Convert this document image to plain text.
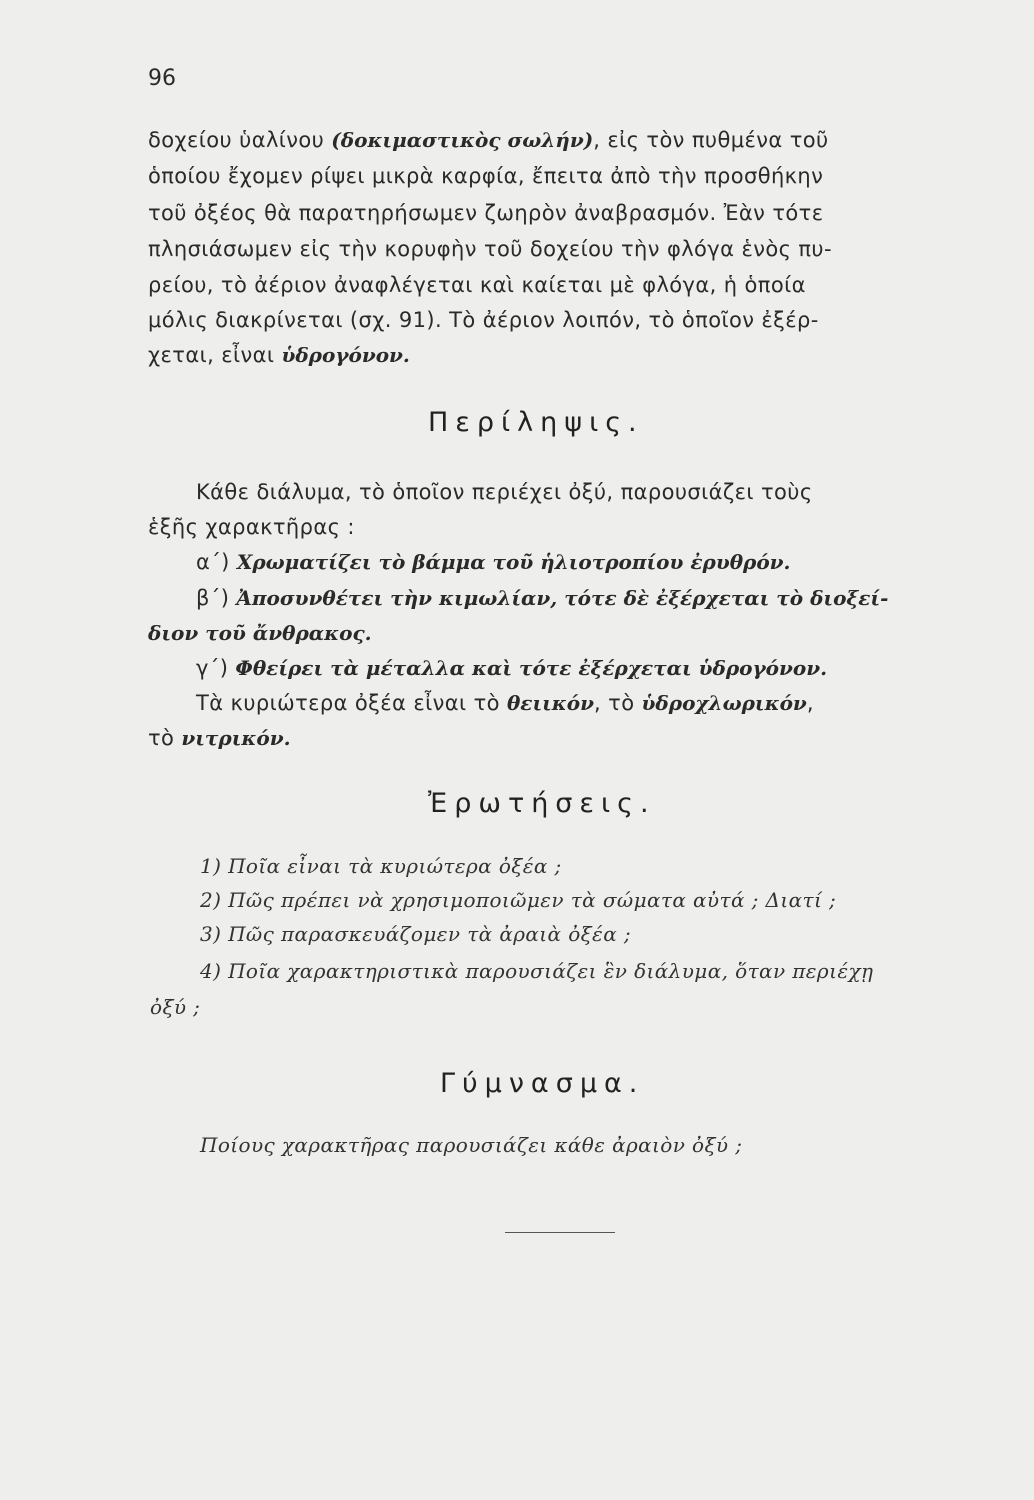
96
δοχείου ὑαλίνου (δοκιμαστικὸς σωλήν), εἰς τὸν πυθμένα τοῦ
ὁποίου ἔχομεν ρίψει μικρὰ καρφία, ἔπειτα ἀπὸ τὴν προσθήκην
τοῦ ὀξέος θὰ παρατηρήσωμεν ζωηρὸν ἀναβρασμόν. Ἐὰν τότε
πλησιάσωμεν εἰς τὴν κορυφὴν τοῦ δοχείου τὴν φλόγα ἑνὸς πυ-
ρείου, τὸ ἀέριον ἀναφλέγεται καὶ καίεται μὲ φλόγα, ἡ ὁποία
μόλις διακρίνεται (σχ. 91). Τὸ ἀέριον λοιπόν, τὸ ὁποῖον ἐξέρ-
χεται, εἶναι ὑδρογόνον.
Περίληψις.
Κάθε διάλυμα, τὸ ὁποῖον περιέχει ὀξύ, παρουσιάζει τοὺς
ἑξῆς χαρακτῆρας :
α΄) Χρωματίζει τὸ βάμμα τοῦ ἡλιοτροπίου ἐρυθρόν.
β΄) Ἀποσυνθέτει τὴν κιμωλίαν, τότε δὲ ἐξέρχεται τὸ διοξεί-
διον τοῦ ἄνθρακος.
γ΄) Φθείρει τὰ μέταλλα καὶ τότε ἐξέρχεται ὑδρογόνον.
Τὰ κυριώτερα ὀξέα εἶναι τὸ θειικόν, τὸ ὑδροχλωρικόν,
τὸ νιτρικόν.
Ἐρωτήσεις.
1) Ποῖα εἶναι τὰ κυριώτερα ὀξέα ;
2) Πῶς πρέπει νὰ χρησιμοποιῶμεν τὰ σώματα αὐτά ; Διατί ;
3) Πῶς παρασκευάζομεν τὰ ἀραιὰ ὀξέα ;
4) Ποῖα χαρακτηριστικὰ παρουσιάζει ἓν διάλυμα, ὅταν περιέχῃ
ὀξύ ;
Γύμνασμα.
Ποίους χαρακτῆρας παρουσιάζει κάθε ἀραιὸν ὀξύ ;
